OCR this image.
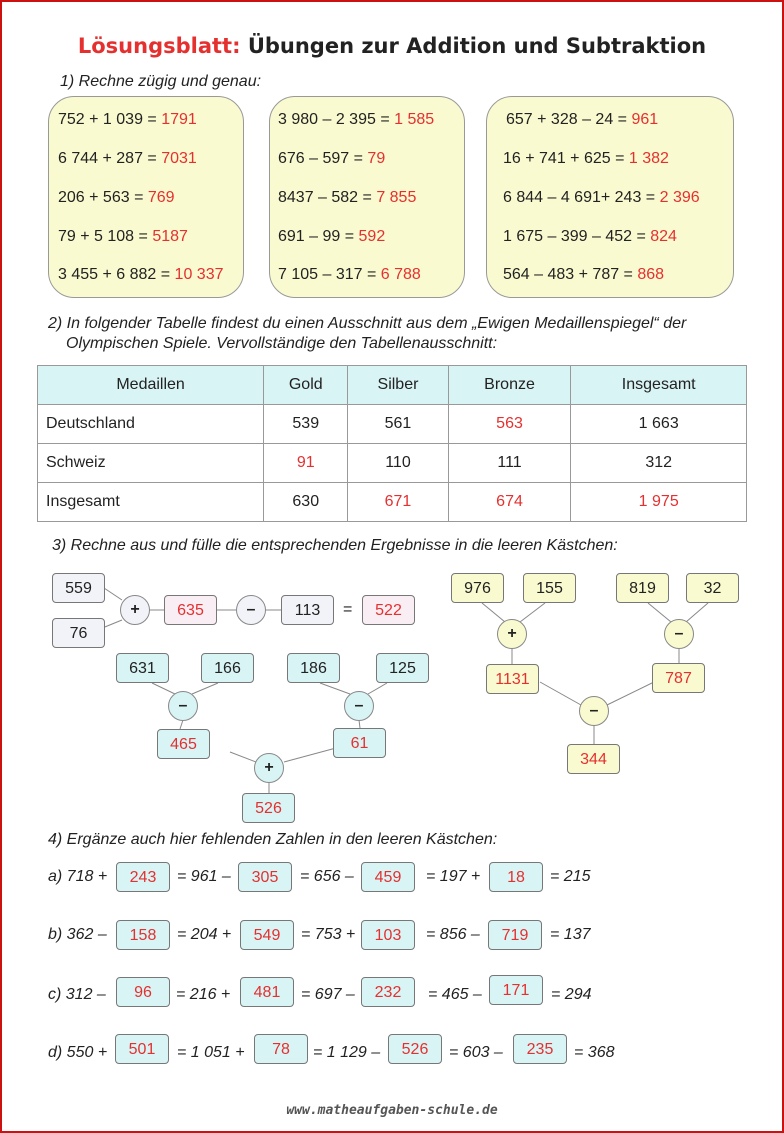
Lösungsblatt: Übungen zur Addition und Subtraktion
1) Rechne zügig und genau:
752 + 1 039 = 1791
6 744 + 287 = 7031
206 + 563 = 769
79 + 5 108 = 5187
3 455 + 6 882 = 10 337
3 980 – 2 395 = 1 585
676 – 597 = 79
8437 – 582 = 7 855
691 – 99 = 592
7 105 – 317 = 6 788
657 + 328 – 24 = 961
16 + 741 + 625 = 1 382
6 844 – 4 691+ 243 = 2 396
1 675 – 399 – 452 = 824
564 – 483 + 787 = 868
2) In folgender Tabelle findest du einen Ausschnitt aus dem „Ewigen Medaillenspiegel“ der
Olympischen Spiele. Vervollständige den Tabellenausschnitt:
Medaillen	Gold	Silber	Bronze	Insgesamt
Deutschland	539	561	563	1 663
Schweiz	91	110	111	312
Insgesamt	630	671	674	1 975
3) Rechne aus und fülle die entsprechenden Ergebnisse in die leeren Kästchen:
559
76
+	635	–	113	=	522
631	166
–
465
186	125
–
61
+
526
976	155
+
1131
819	32
–
787
–
344
4) Ergänze auch hier fehlenden Zahlen in den leeren Kästchen:
a) 718 +	243	= 961 –	305	= 656 –	459	= 197 +	18	= 215
b) 362 –	158	= 204 +	549	= 753 +	103	= 856 –	719	= 137
c) 312 –	96	= 216 +	481	= 697 –	232	= 465 –	171	= 294
d) 550 +	501	= 1 051 +	78	= 1 129 –	526	= 603 –	235	= 368
www.matheaufgaben-schule.de
